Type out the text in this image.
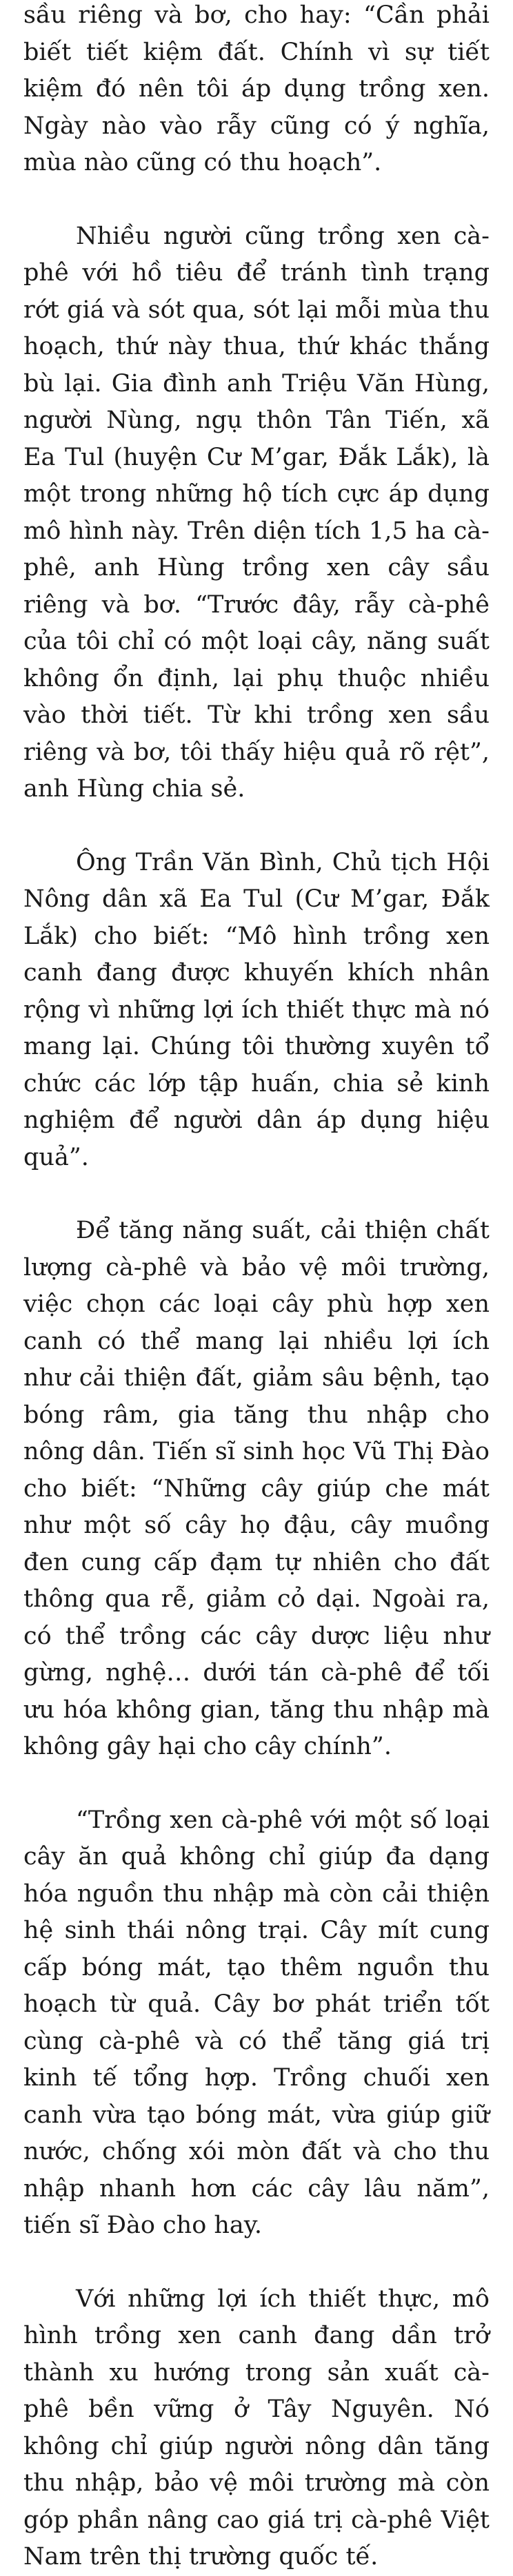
sầu riêng và bơ, cho hay: “Cần phải biết tiết kiệm đất. Chính vì sự tiết kiệm đó nên tôi áp dụng trồng xen. Ngày nào vào rẫy cũng có ý nghĩa, mùa nào cũng có thu hoạch”.

Nhiều người cũng trồng xen cà-phê với hồ tiêu để tránh tình trạng rớt giá và sót qua, sót lại mỗi mùa thu hoạch, thứ này thua, thứ khác thắng bù lại. Gia đình anh Triệu Văn Hùng, người Nùng, ngụ thôn Tân Tiến, xã Ea Tul (huyện Cư M’gar, Đắk Lắk), là một trong những hộ tích cực áp dụng mô hình này. Trên diện tích 1,5 ha cà-phê, anh Hùng trồng xen cây sầu riêng và bơ. “Trước đây, rẫy cà-phê của tôi chỉ có một loại cây, năng suất không ổn định, lại phụ thuộc nhiều vào thời tiết. Từ khi trồng xen sầu riêng và bơ, tôi thấy hiệu quả rõ rệt”, anh Hùng chia sẻ.

Ông Trần Văn Bình, Chủ tịch Hội Nông dân xã Ea Tul (Cư M’gar, Đắk Lắk) cho biết: “Mô hình trồng xen canh đang được khuyến khích nhân rộng vì những lợi ích thiết thực mà nó mang lại. Chúng tôi thường xuyên tổ chức các lớp tập huấn, chia sẻ kinh nghiệm để người dân áp dụng hiệu quả”.

Để tăng năng suất, cải thiện chất lượng cà-phê và bảo vệ môi trường, việc chọn các loại cây phù hợp xen canh có thể mang lại nhiều lợi ích như cải thiện đất, giảm sâu bệnh, tạo bóng râm, gia tăng thu nhập cho nông dân. Tiến sĩ sinh học Vũ Thị Đào cho biết: “Những cây giúp che mát như một số cây họ đậu, cây muồng đen cung cấp đạm tự nhiên cho đất thông qua rễ, giảm cỏ dại. Ngoài ra, có thể trồng các cây dược liệu như gừng, nghệ… dưới tán cà-phê để tối ưu hóa không gian, tăng thu nhập mà không gây hại cho cây chính”.

“Trồng xen cà-phê với một số loại cây ăn quả không chỉ giúp đa dạng hóa nguồn thu nhập mà còn cải thiện hệ sinh thái nông trại. Cây mít cung cấp bóng mát, tạo thêm nguồn thu hoạch từ quả. Cây bơ phát triển tốt cùng cà-phê và có thể tăng giá trị kinh tế tổng hợp. Trồng chuối xen canh vừa tạo bóng mát, vừa giúp giữ nước, chống xói mòn đất và cho thu nhập nhanh hơn các cây lâu năm”, tiến sĩ Đào cho hay.

Với những lợi ích thiết thực, mô hình trồng xen canh đang dần trở thành xu hướng trong sản xuất cà-phê bền vững ở Tây Nguyên. Nó không chỉ giúp người nông dân tăng thu nhập, bảo vệ môi trường mà còn góp phần nâng cao giá trị cà-phê Việt Nam trên thị trường quốc tế.
